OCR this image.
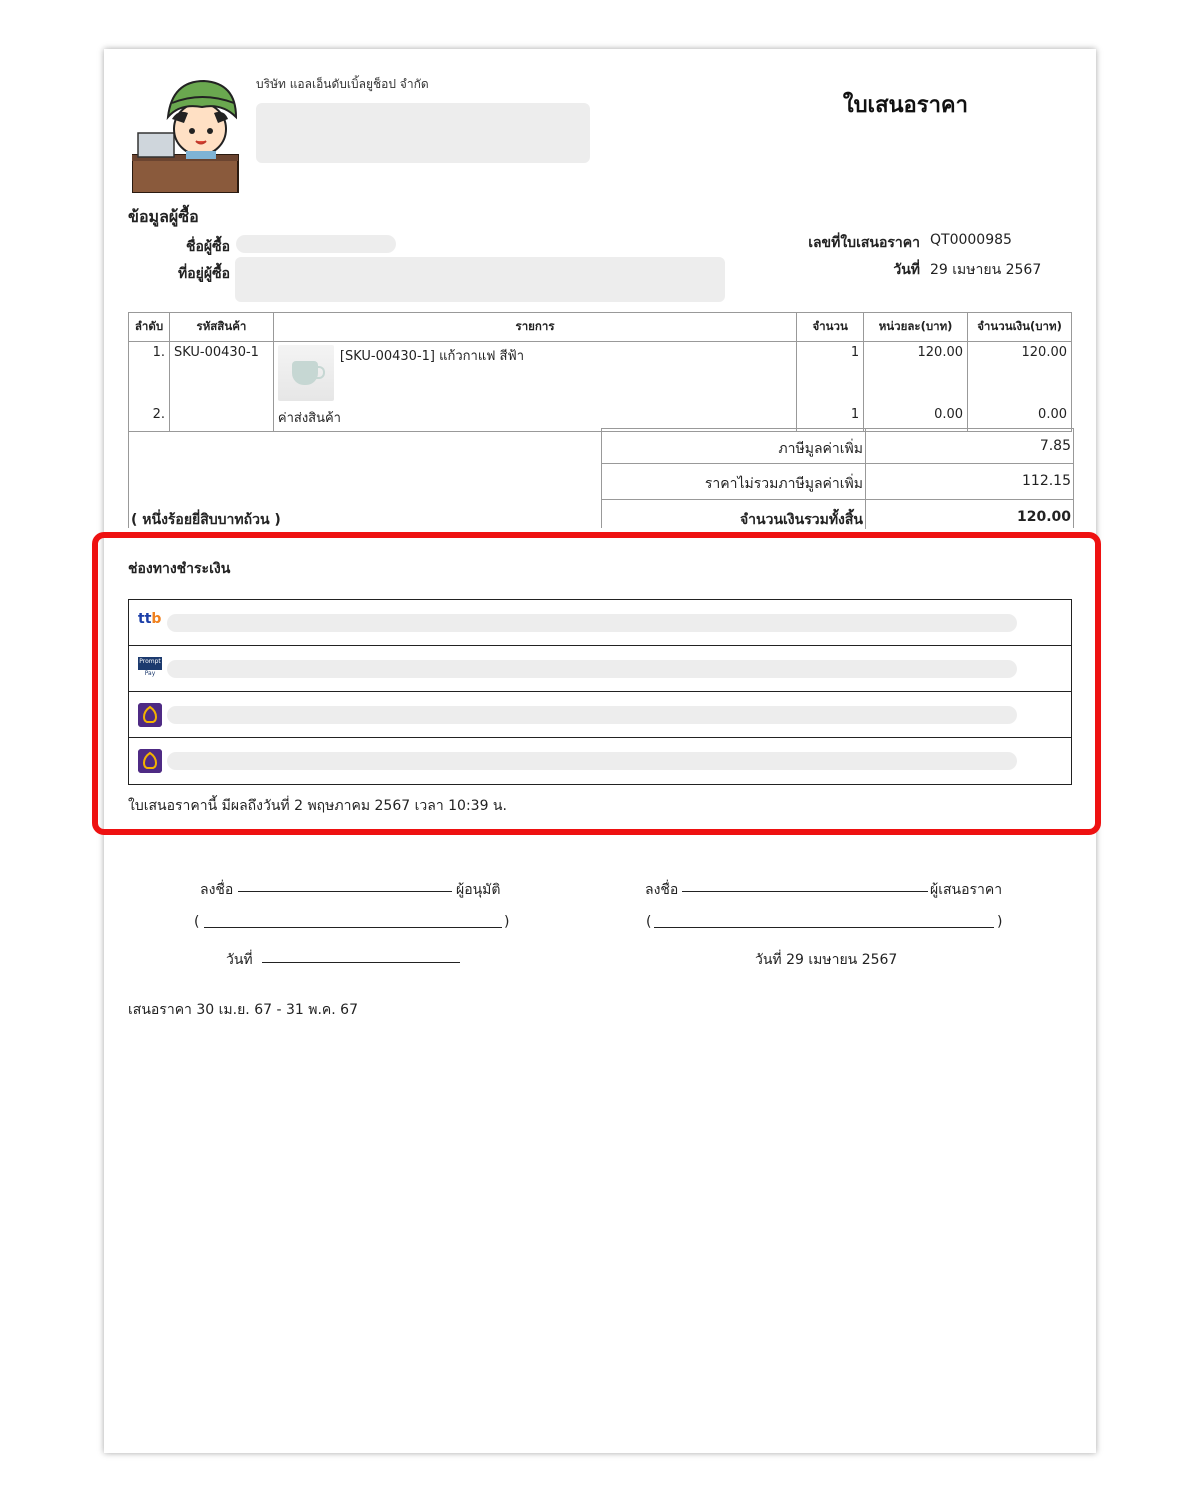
บริษัท แอลเอ็นดับเบิ้ลยูช็อป จำกัด
ใบเสนอราคา
ข้อมูลผู้ซื้อ
ชื่อผู้ซื้อ
ที่อยู่ผู้ซื้อ
เลขที่ใบเสนอราคา QT0000985
วันที่ 29 เมษายน 2567
ลำดับ	รหัสสินค้า	รายการ	จำนวน	หน่วยละ(บาท)	จำนวนเงิน(บาท)
1.	SKU-00430-1	[SKU-00430-1] แก้วกาแฟ สีฟ้า	1	120.00	120.00
2.		ค่าส่งสินค้า	1	0.00	0.00
ภาษีมูลค่าเพิ่ม	7.85
ราคาไม่รวมภาษีมูลค่าเพิ่ม	112.15
จำนวนเงินรวมทั้งสิ้น	120.00
( หนึ่งร้อยยี่สิบบาทถ้วน )
ช่องทางชำระเงิน
ttb
Prompt
Pay
ใบเสนอราคานี้ มีผลถึงวันที่ 2 พฤษภาคม 2567 เวลา 10:39 น.
ลงชื่อ	ผู้อนุมัติ
(	)
วันที่
ลงชื่อ	ผู้เสนอราคา
(	)
วันที่ 29 เมษายน 2567
เสนอราคา 30 เม.ย. 67 - 31 พ.ค. 67
